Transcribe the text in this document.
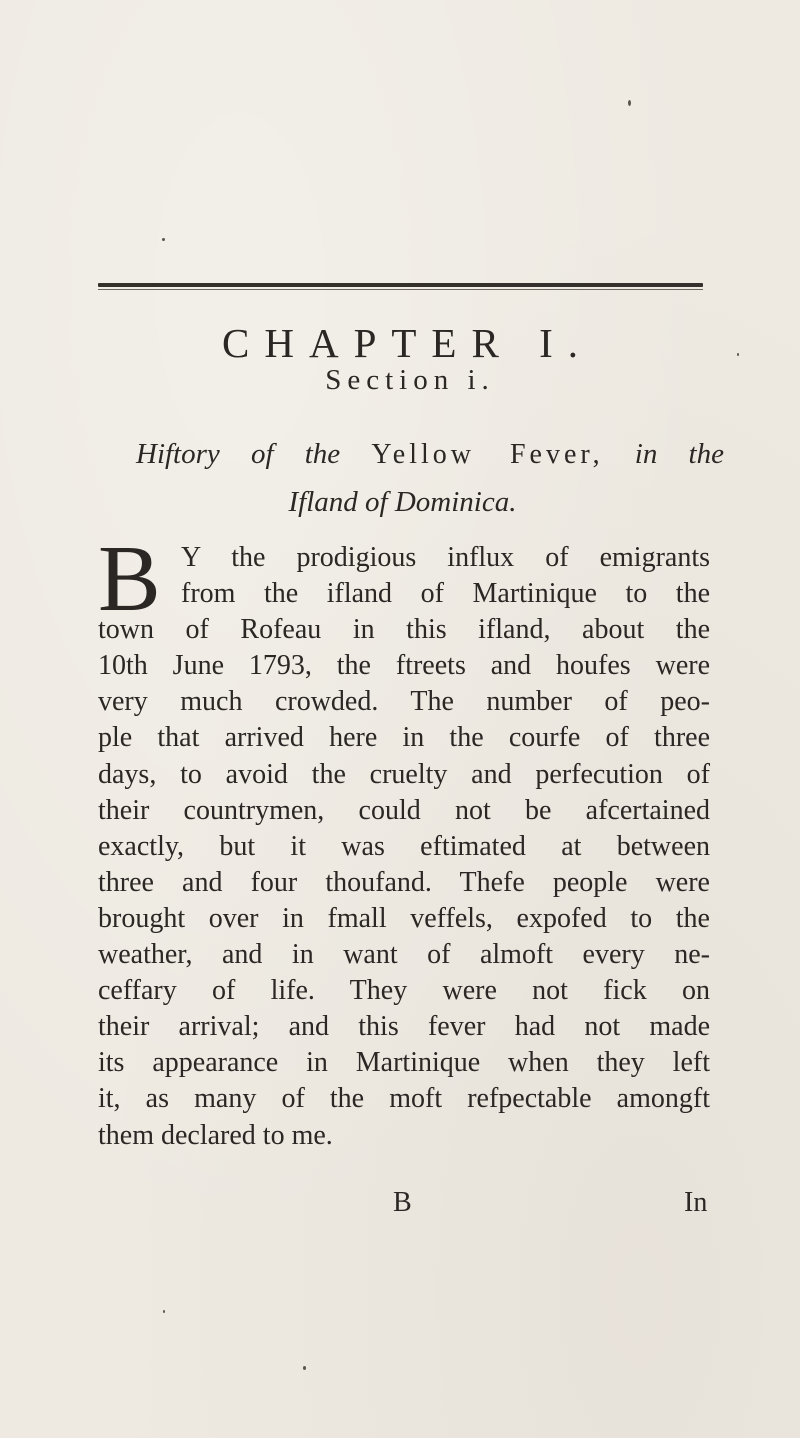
CHAPTER I.
Section i.
Hiftory of the Yellow Fever, in the
Ifland of Dominica.
B Y the prodigious influx of emigrants
from the ifland of Martinique to the
town of Rofeau in this ifland, about the
10th June 1793, the ftreets and houfes were
very much crowded. The number of peo-
ple that arrived here in the courfe of three
days, to avoid the cruelty and perfecution of
their countrymen, could not be afcertained
exactly, but it was eftimated at between
three and four thoufand. Thefe people were
brought over in fmall veffels, expofed to the
weather, and in want of almoft every ne-
ceffary of life. They were not fick on
their arrival; and this fever had not made
its appearance in Martinique when they left
it, as many of the moft refpectable amongft
them declared to me.
B	In
